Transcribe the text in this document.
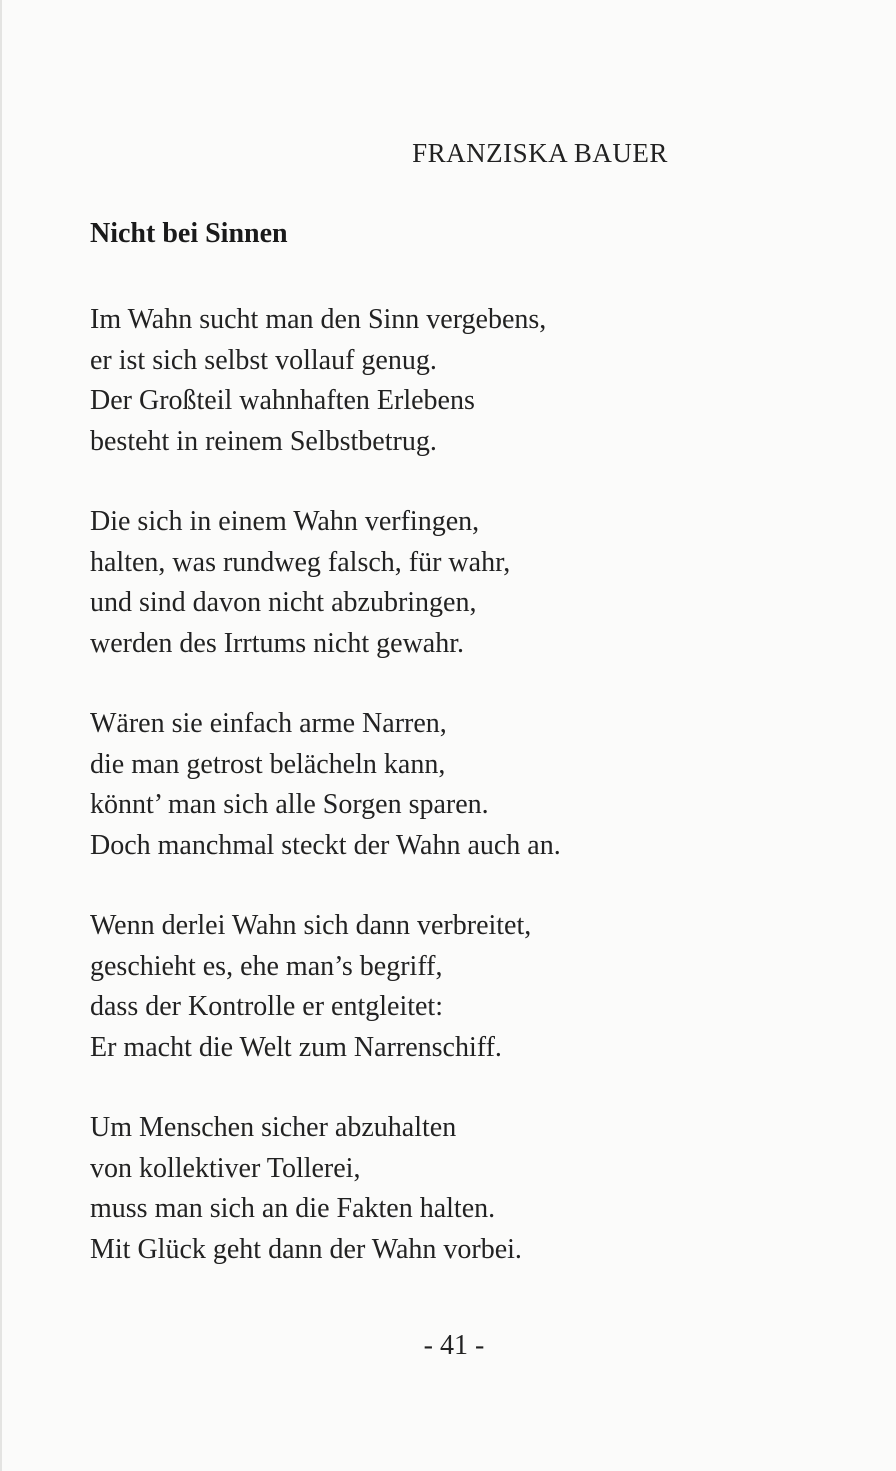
FRANZISKA BAUER
Nicht bei Sinnen
Im Wahn sucht man den Sinn vergebens,
er ist sich selbst vollauf genug.
Der Großteil wahnhaften Erlebens
besteht in reinem Selbstbetrug.
Die sich in einem Wahn verfingen,
halten, was rundweg falsch, für wahr,
und sind davon nicht abzubringen,
werden des Irrtums nicht gewahr.
Wären sie einfach arme Narren,
die man getrost belächeln kann,
könnt’ man sich alle Sorgen sparen.
Doch manchmal steckt der Wahn auch an.
Wenn derlei Wahn sich dann verbreitet,
geschieht es, ehe man’s begriff,
dass der Kontrolle er entgleitet:
Er macht die Welt zum Narrenschiff.
Um Menschen sicher abzuhalten
von kollektiver Tollerei,
muss man sich an die Fakten halten.
Mit Glück geht dann der Wahn vorbei.
- 41 -
